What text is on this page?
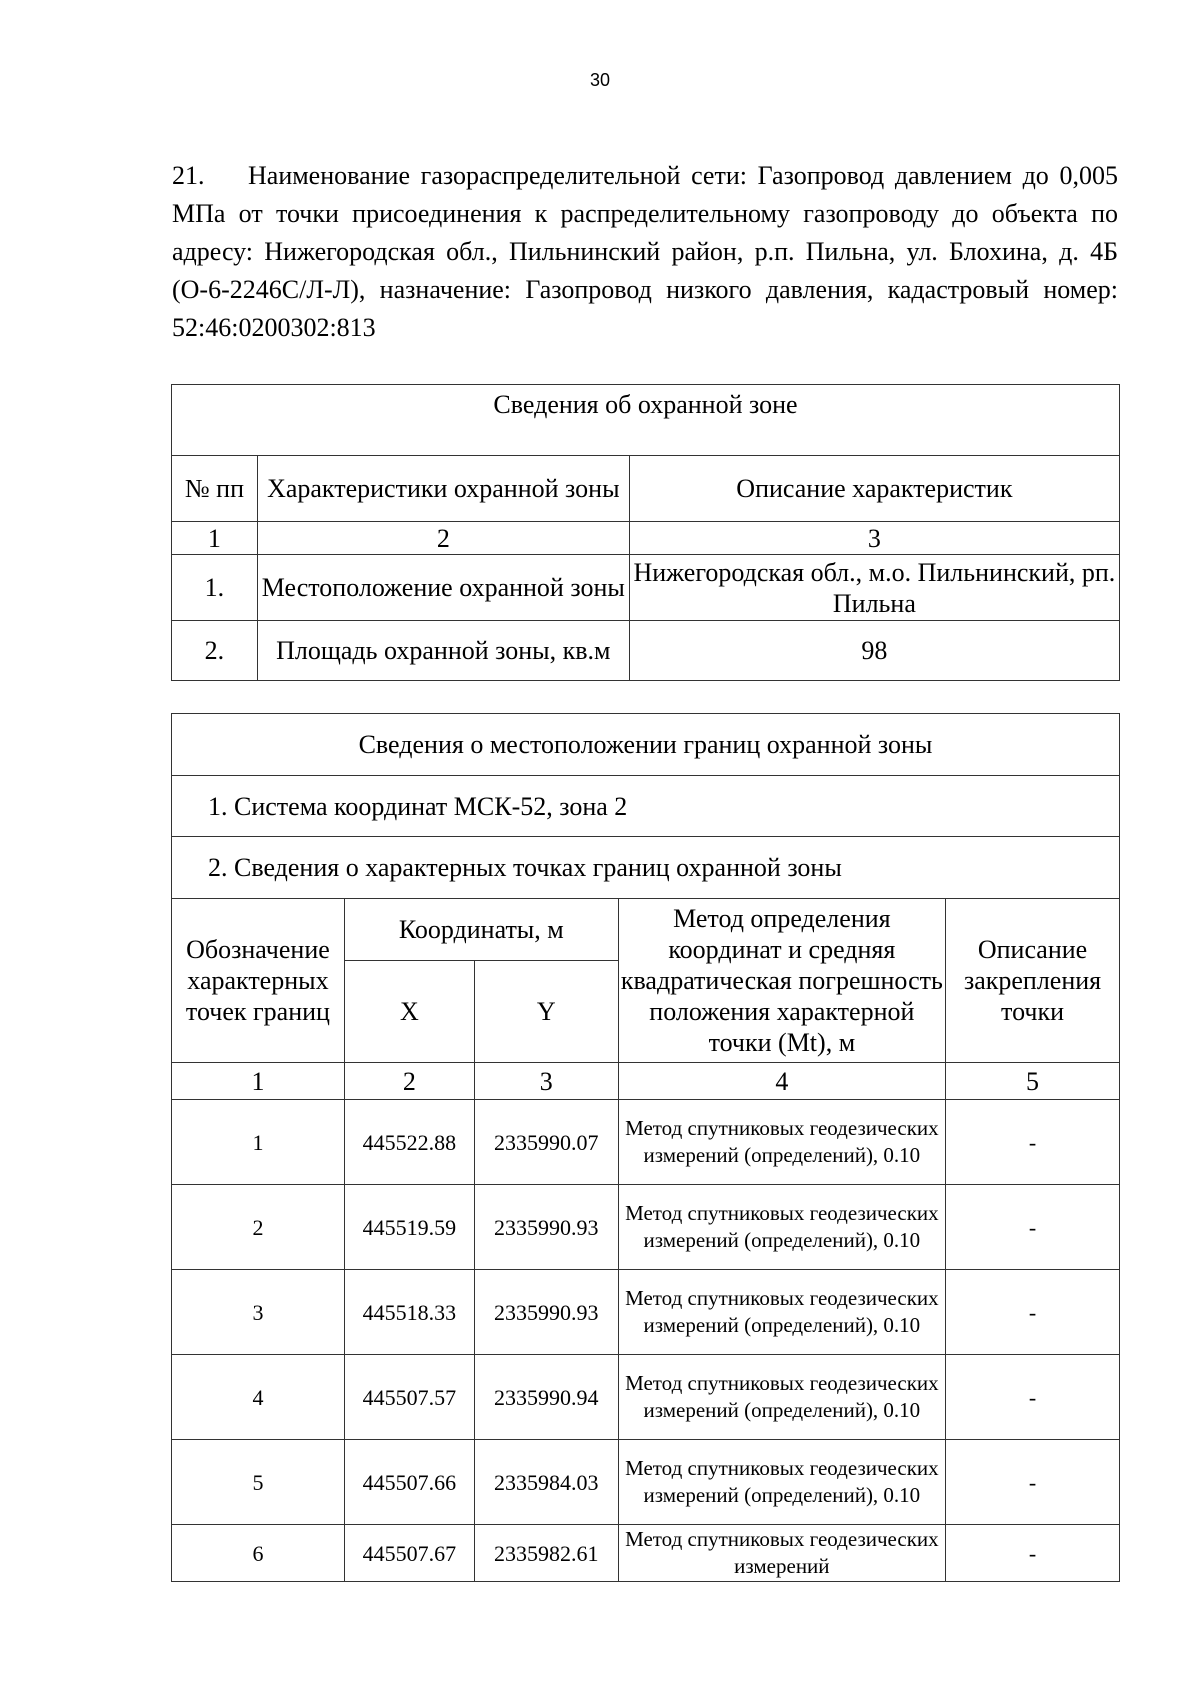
30
21. Наименование газораспределительной сети: Газопровод давлением до 0,005 МПа от точки присоединения к распределительному газопроводу до объекта по адресу: Нижегородская обл., Пильнинский район, р.п. Пильна, ул. Блохина, д. 4Б (О-6-2246С/Л-Л), назначение: Газопровод низкого давления, кадастровый номер: 52:46:0200302:813
Сведения об охранной зоне		
№ пп	Характеристики охранной зоны	Описание характеристик
1	2	3
1.	Местоположение охранной зоны	Нижегородская обл., м.о. Пильнинский, рп. Пильна
2.	Площадь охранной зоны, кв.м	98
Сведения о местоположении границ охранной зоны				
1. Система координат МСК-52, зона 2				
2. Сведения о характерных точках границ охранной зоны				
Обозначение характерных точек границ	Координаты, м		Метод определения координат и средняя квадратическая погрешность положения характерной точки (Mt), м	Описание закрепления точки
	X	Y		
1	2	3	4	5
1	445522.88	2335990.07	Метод спутниковых геодезических измерений (определений), 0.10	-
2	445519.59	2335990.93	Метод спутниковых геодезических измерений (определений), 0.10	-
3	445518.33	2335990.93	Метод спутниковых геодезических измерений (определений), 0.10	-
4	445507.57	2335990.94	Метод спутниковых геодезических измерений (определений), 0.10	-
5	445507.66	2335984.03	Метод спутниковых геодезических измерений (определений), 0.10	-
6	445507.67	2335982.61	Метод спутниковых геодезических измерений	-
